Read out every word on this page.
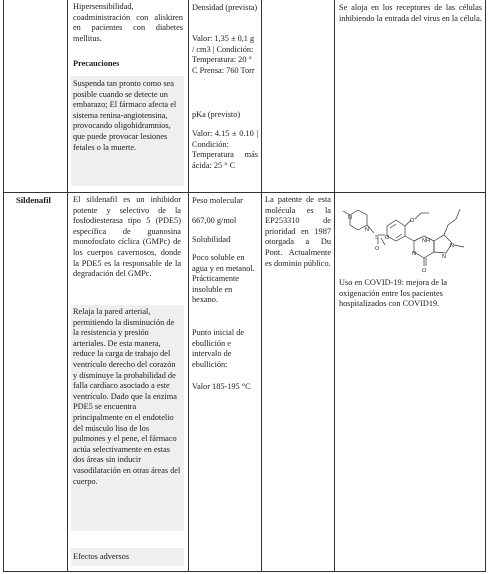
Hipersensibilidad, coadministración con aliskiren en pacientes con diabetes mellitus.

Precauciones

Suspenda tan pronto como sea posible cuando se detecte un embarazo; El fármaco afecta el sistema renina-angiotensina, provocando oligohidramnios, que puede provocar lesiones fetales o la muerte.

Densidad (prevista)

Valor: 1,35 ± 0,1 g / cm3 | Condición: Temperatura: 20 ° C Prensa: 760 Torr

pKa (previsto)

Valor: 4.15 ± 0.10 | Condición: Temperatura más ácida: 25 ° C

Se aloja en los receptores de las células inhibiendo la entrada del virus en la célula.

Sildenafil	El sildenafil es un inhibidor potente y selectivo de la fosfodiesterasa tipo 5 (PDE5) específica de guanosina monofosfato cíclica (GMPc) de los cuerpos cavernosos, donde la PDE5 es la responsable de la degradación del GMPc.

Relaja la pared arterial, permitiendo la disminución de la resistencia y presión arteriales. De esta manera, reduce la carga de trabajo del ventrículo derecho del corazón y disminuye la probabilidad de falla cardíaco asociado a este ventrículo. Dado que la enzima PDE5 se encuentra principalmente en el endotelio del músculo liso de los pulmones y el pene, el fármaco actúa selectivamente en estas dos áreas sin inducir vasodilatación en otras áreas del cuerpo.

Efectos adversos

Peso molecular

667,00 g/mol

Solubilidad

Poco soluble en agua y en metanol. Prácticamente insoluble en hexano.

Punto inicial de ebullición e intervalo de ebullición:

Valor 185-195 °C

La patente de esta molécula es la EP253310 de prioridad en 1987 otorgada a Du Pont. Actualmente es dominio público.

N
N
S O
O
O
N
NH
N
N
O

Uso en COVID-19: mejora de la oxigenación entre los pacientes hospitalizados con COVID19.
